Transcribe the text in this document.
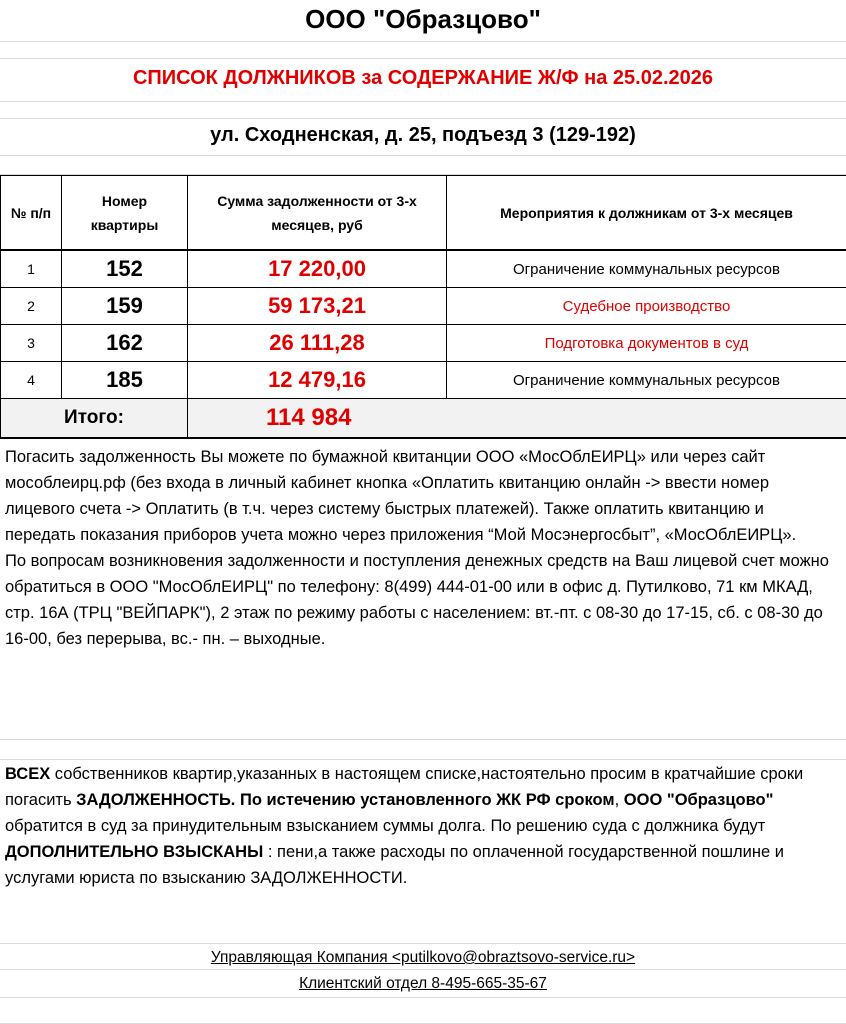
ООО "Образцово"
СПИСОК ДОЛЖНИКОВ за СОДЕРЖАНИЕ Ж/Ф на 25.02.2026
ул. Сходненская, д. 25, подъезд 3 (129-192)
№ п/п	Номер квартиры	Сумма задолженности от 3-х месяцев, руб	Мероприятия к должникам от 3-х месяцев
1	152	17 220,00	Ограничение коммунальных ресурсов
2	159	59 173,21	Судебное производство
3	162	26 111,28	Подготовка документов в суд
4	185	12 479,16	Ограничение коммунальных ресурсов
Итого:		114 984	
Погасить задолженность Вы можете по бумажной квитанции ООО «МосОблЕИРЦ» или через сайт мособлеирц.рф (без входа в личный кабинет кнопка «Оплатить квитанцию онлайн -> ввести номер лицевого счета -> Оплатить (в т.ч. через систему быстрых платежей). Также оплатить квитанцию и передать показания приборов учета можно через приложения “Мой Мосэнергосбыт”, «МосОблЕИРЦ».
По вопросам возникновения задолженности и поступления денежных средств на Ваш лицевой счет можно обратиться в ООО "МосОблЕИРЦ" по телефону: 8(499) 444-01-00 или в офис д. Путилково, 71 км МКАД, стр. 16А (ТРЦ "ВЕЙПАРК"), 2 этаж по режиму работы с населением: вт.-пт. с 08-30 до 17-15, сб. с 08-30 до 16-00, без перерыва, вс.- пн. – выходные.
ВСЕХ собственников квартир,указанных в настоящем списке,настоятельно просим в кратчайшие сроки погасить ЗАДОЛЖЕННОСТЬ. По истечению установленного ЖК РФ сроком, ООО "Образцово" обратится в суд за принудительным взысканием суммы долга. По решению суда с должника будут ДОПОЛНИТЕЛЬНО ВЗЫСКАНЫ : пени,а также расходы по оплаченной государственной пошлине и услугами юриста по взысканию ЗАДОЛЖЕННОСТИ.
Управляющая Компания <putilkovo@obraztsovo-service.ru>
Клиентский отдел 8-495-665-35-67
